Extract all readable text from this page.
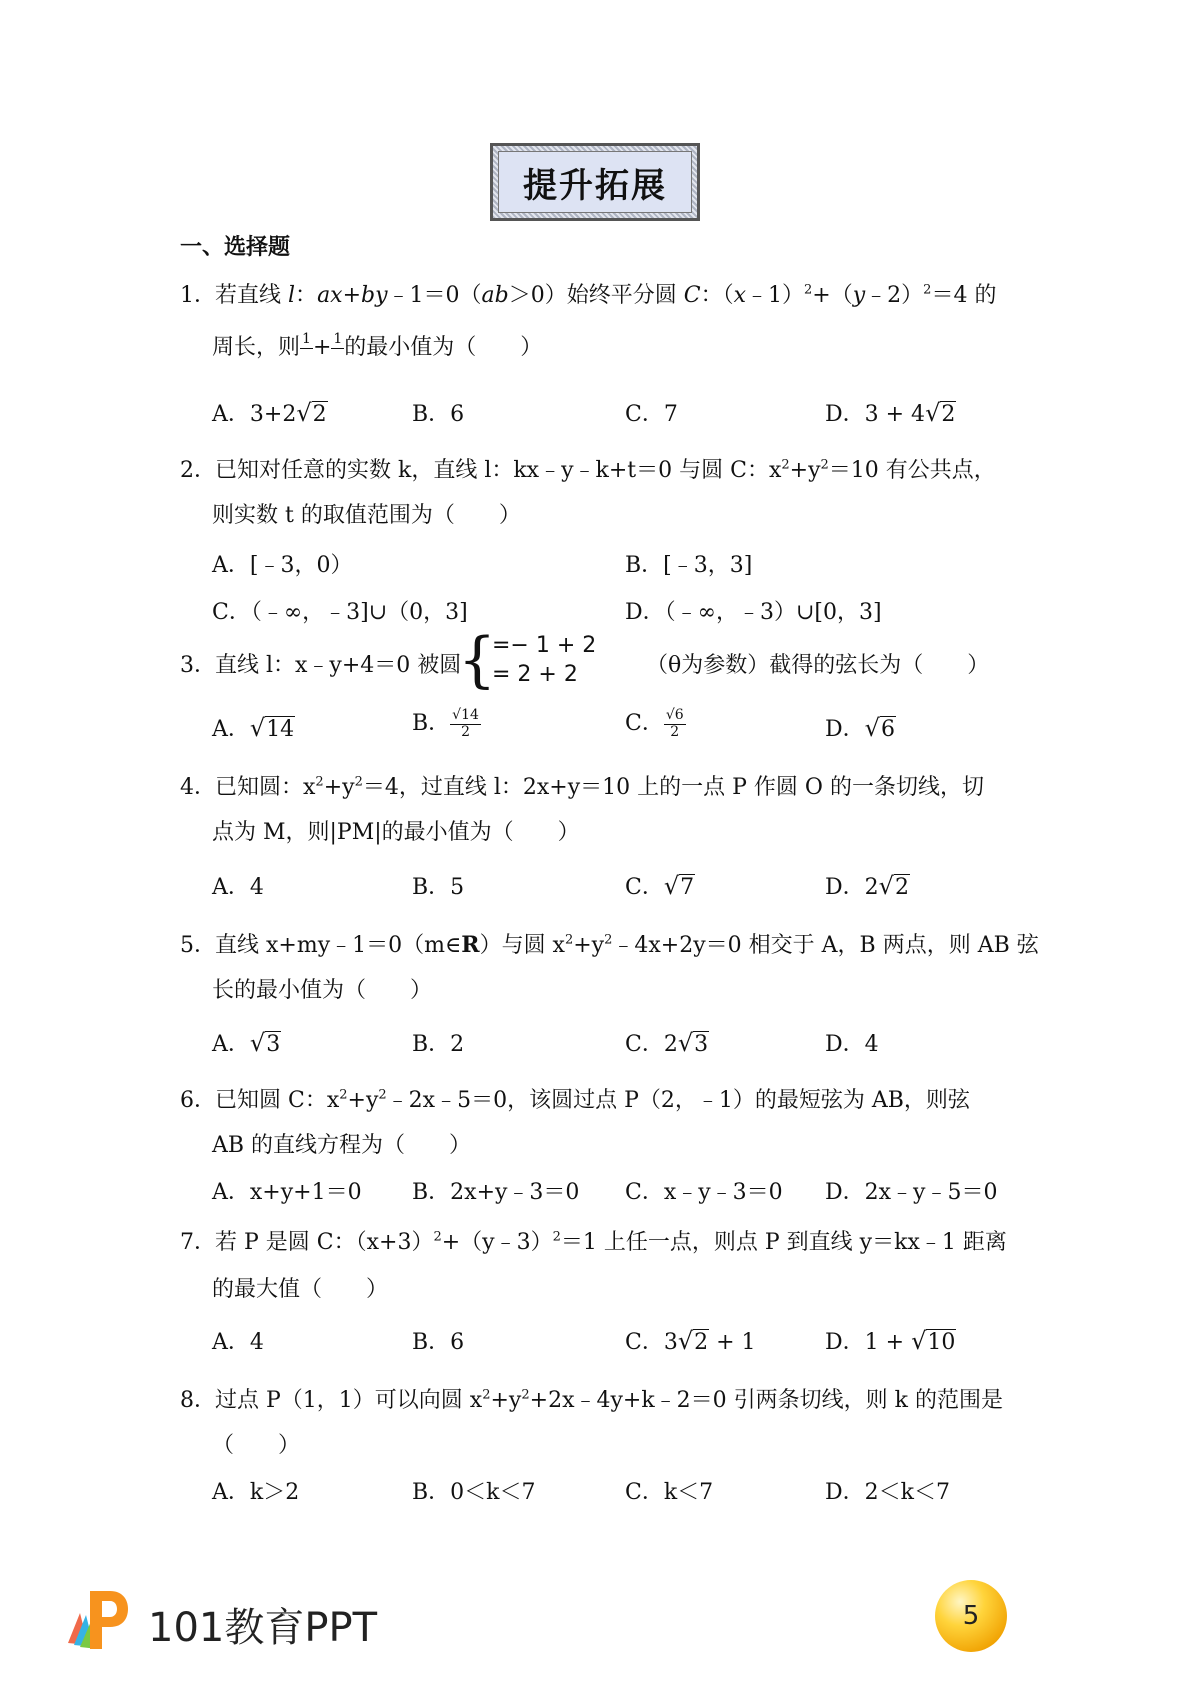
提升拓展
一、选择题
1． 若直线 l：ax+by﹣1＝0（ab＞0）始终平分圆 C：（x﹣1）$^2$+（y﹣2）$^2$＝4 的
周长，则 1
+ 1
的最小值为（　　）
A．3+2√2	B．6	C．7	D．3 + 4√2
2． 已知对任意的实数 k，直线 l：kx﹣y﹣k+t＝0 与圆 C：$x^2+y^2=10$ 有公共点，
则实数 t 的取值范围为（　　）
A．[﹣3，0）	B．[﹣3，3]
C．（﹣∞，﹣3]∪（0，3]	D．（﹣∞，﹣3）∪[0，3]
3． 直线 l：x﹣y+4＝0 被圆
{
=− 1 + 2
= 2 + 2	（θ为参数）截得的弦长为（　　）
A．√14	B． $\frac{√14}{2}$	C． $\frac{√6}{2}$	D．√6
4． 已知圆：$x^2+y^2=4$，过直线 l：2x+y＝10 上的一点 P 作圆 O 的一条切线，切
点为 M，则|PM|的最小值为（　　）
A．4	B．5	C．√7	D．2√2
5． 直线 x+my﹣1＝0（m∈R）与圆 $x^2+y^2﹣4x+2y=0$ 相交于 A，B 两点，则 AB 弦
长的最小值为（　　）
A．√3	B．2	C．2√3	D．4
6． 已知圆 C：$x^2+y^2﹣2x﹣5=0$，该圆过点 P（2，﹣1）的最短弦为 AB，则弦
AB 的直线方程为（　　）
A．x+y+1＝0 B．2x+y﹣3＝0 C．x﹣y﹣3＝0 D．2x﹣y﹣5＝0
7． 若 P 是圆 C：$(x+3)^2+(y﹣3)^2=1$ 上任一点，则点 P 到直线 y＝kx﹣1 距离
的最大值（　　）
A．4	B．6	C．3√2 + 1	D．1 + √10
8． 过点 P（1，1）可以向圆 $x^2+y^2+2x﹣4y+k﹣2=0$ 引两条切线，则 k 的范围是
（　　）
A．k＞2	B．0＜k＜7	C．k＜7	D．2＜k＜7
101教育PPT	5
